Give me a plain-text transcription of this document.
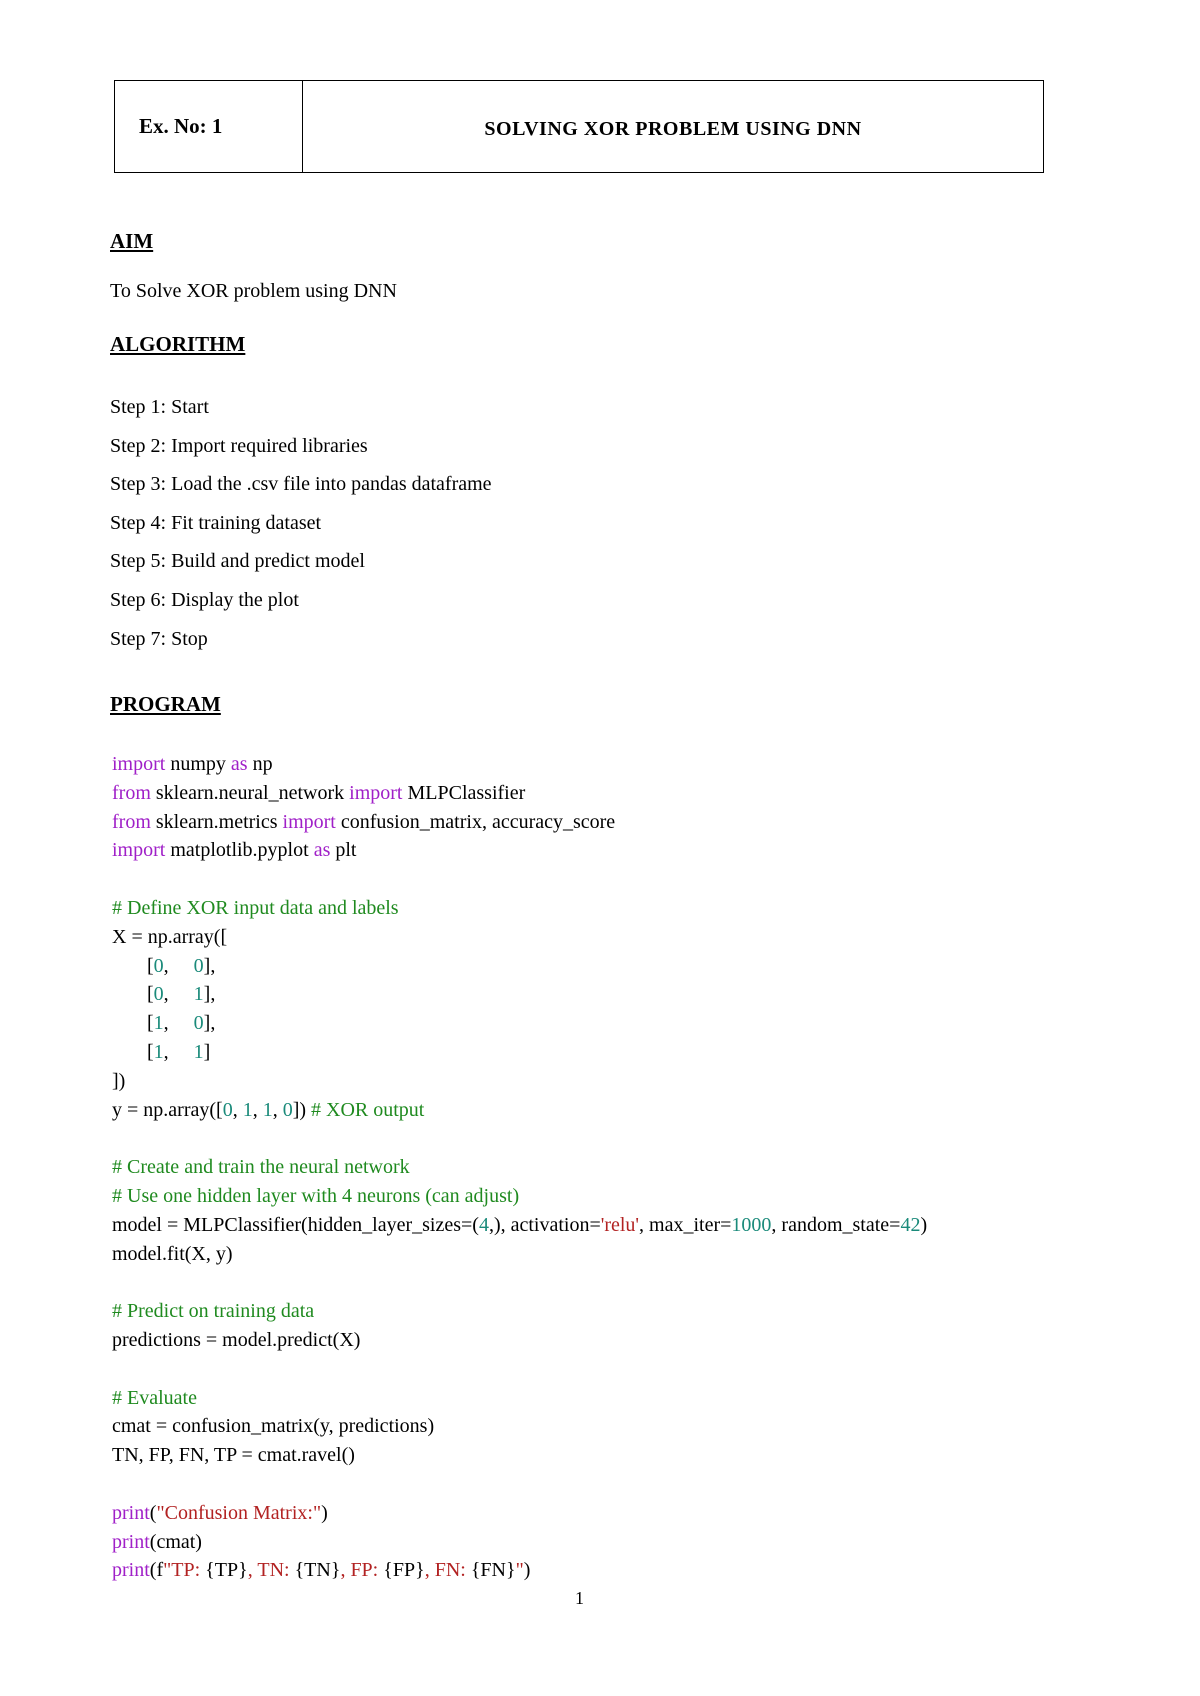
Ex. No: 1	SOLVING XOR PROBLEM USING DNN
AIM
To Solve XOR problem using DNN
ALGORITHM
Step 1: Start
Step 2: Import required libraries
Step 3: Load the .csv file into pandas dataframe
Step 4: Fit training dataset
Step 5: Build and predict model
Step 6: Display the plot
Step 7: Stop
PROGRAM
import numpy as np
from sklearn.neural_network import MLPClassifier
from sklearn.metrics import confusion_matrix, accuracy_score
import matplotlib.pyplot as plt

# Define XOR input data and labels
X = np.array([
[0,     0],
[0,     1],
[1,     0],
[1,     1]
])
y = np.array([0, 1, 1, 0]) # XOR output

# Create and train the neural network
# Use one hidden layer with 4 neurons (can adjust)
model = MLPClassifier(hidden_layer_sizes=(4,), activation='relu', max_iter=1000, random_state=42)
model.fit(X, y)

# Predict on training data
predictions = model.predict(X)

# Evaluate
cmat = confusion_matrix(y, predictions)
TN, FP, FN, TP = cmat.ravel()

print("Confusion Matrix:")
print(cmat)
print(f"TP: {TP}, TN: {TN}, FP: {FP}, FN: {FN}")
1
